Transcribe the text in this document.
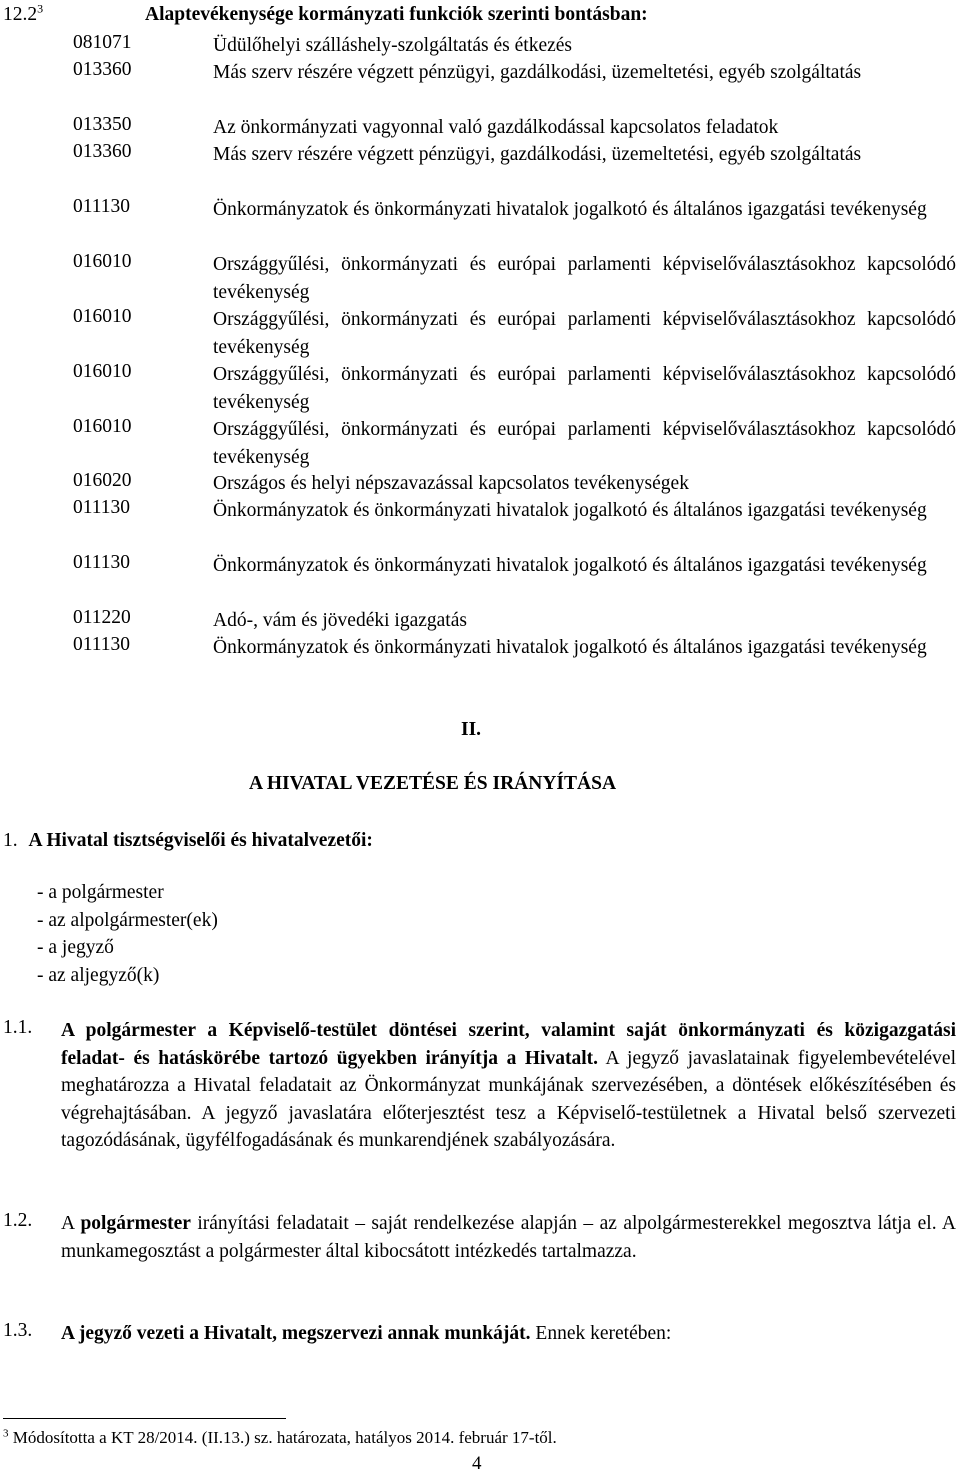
12.2$^3$	Alaptevékenysége kormányzati funkciók szerinti bontásban:
081071	Üdülőhelyi szálláshely-szolgáltatás és étkezés
013360	Más szerv részére végzett pénzügyi, gazdálkodási, üzemeltetési, egyéb szolgáltatás
013350	Az önkormányzati vagyonnal való gazdálkodással kapcsolatos feladatok
013360	Más szerv részére végzett pénzügyi, gazdálkodási, üzemeltetési, egyéb szolgáltatás
011130	Önkormányzatok és önkormányzati hivatalok jogalkotó és általános igazgatási tevékenység
016010	Országgyűlési, önkormányzati és európai parlamenti képviselőválasztásokhoz kapcsolódó tevékenység
016010	Országgyűlési, önkormányzati és európai parlamenti képviselőválasztásokhoz kapcsolódó tevékenység
016010	Országgyűlési, önkormányzati és európai parlamenti képviselőválasztásokhoz kapcsolódó tevékenység
016010	Országgyűlési, önkormányzati és európai parlamenti képviselőválasztásokhoz kapcsolódó tevékenység
016020	Országos és helyi népszavazással kapcsolatos tevékenységek
011130	Önkormányzatok és önkormányzati hivatalok jogalkotó és általános igazgatási tevékenység
011130	Önkormányzatok és önkormányzati hivatalok jogalkotó és általános igazgatási tevékenység
011220	Adó-, vám és jövedéki igazgatás
011130	Önkormányzatok és önkormányzati hivatalok jogalkotó és általános igazgatási tevékenység
II.
A HIVATAL VEZETÉSE ÉS IRÁNYÍTÁSA
1. A Hivatal tisztségviselői és hivatalvezetői:
- a polgármester
- az alpolgármester(ek)
- a jegyző
- az aljegyző(k)
1.1. A polgármester a Képviselő-testület döntései szerint, valamint saját önkormányzati és közigazgatási feladat- és hatáskörébe tartozó ügyekben irányítja a Hivatalt. A jegyző javaslatainak figyelembevételével meghatározza a Hivatal feladatait az Önkormányzat munkájának szervezésében, a döntések előkészítésében és végrehajtásában. A jegyző javaslatára előterjesztést tesz a Képviselő-testületnek a Hivatal belső szervezeti tagozódásának, ügyfélfogadásának és munkarendjének szabályozására.
1.2. A polgármester irányítási feladatait – saját rendelkezése alapján – az alpolgármesterekkel megosztva látja el. A munkamegosztást a polgármester által kibocsátott intézkedés tartalmazza.
1.3. A jegyző vezeti a Hivatalt, megszervezi annak munkáját. Ennek keretében:
$^3$ Módosította a KT 28/2014. (II.13.) sz. határozata, hatályos 2014. február 17-től.
4
